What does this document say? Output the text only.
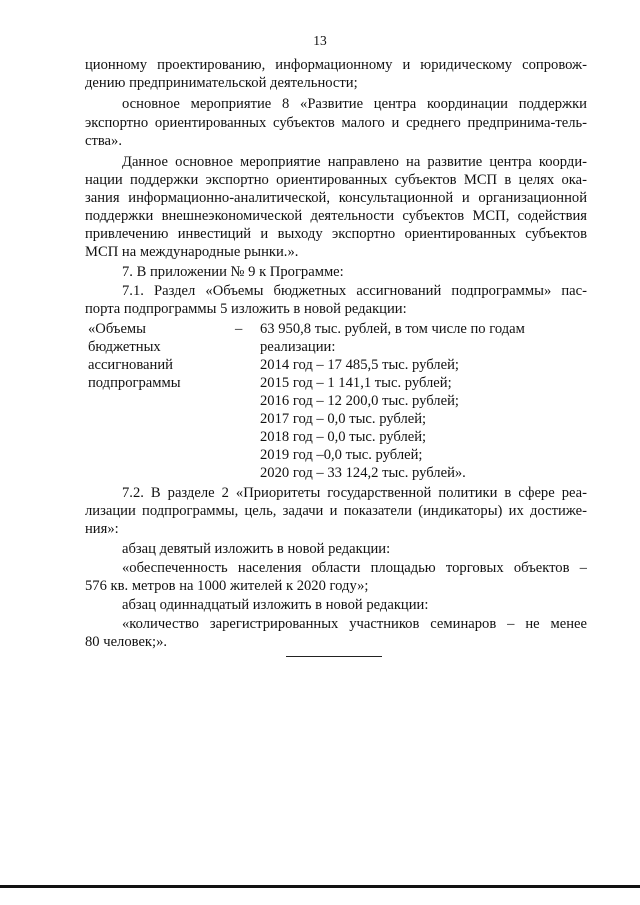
13
ционному проектированию, информационному и юридическому сопровож-
дению предпринимательской деятельности;
основное мероприятие 8 «Развитие центра координации поддержки
экспортно ориентированных субъектов малого и среднего предпринима-тель-
ства».
Данное основное мероприятие направлено на развитие центра коорди-
нации поддержки экспортно ориентированных субъектов МСП в целях ока-
зания информационно-аналитической, консультационной и организационной
поддержки внешнеэкономической деятельности субъектов МСП, содействия
привлечению инвестиций и выходу экспортно ориентированных субъектов
МСП на международные рынки.».
7. В приложении № 9 к Программе:
7.1. Раздел «Объемы бюджетных ассигнований подпрограммы» пас-
порта подпрограммы 5 изложить в новой редакции:
«Объемы
бюджетных
ассигнований
подпрограммы
– 63 950,8 тыс. рублей, в том числе по годам
реализации:
2014 год – 17 485,5 тыс. рублей;
2015 год – 1 141,1 тыс. рублей;
2016 год – 12 200,0 тыс. рублей;
2017 год – 0,0 тыс. рублей;
2018 год – 0,0 тыс. рублей;
2019 год –0,0 тыс. рублей;
2020 год – 33 124,2 тыс. рублей».
7.2. В разделе 2 «Приоритеты государственной политики в сфере реа-
лизации подпрограммы, цель, задачи и показатели (индикаторы) их достиже-
ния»:
абзац девятый изложить в новой редакции:
«обеспеченность населения области площадью торговых объектов –
576 кв. метров на 1000 жителей к 2020 году»;
абзац одиннадцатый изложить в новой редакции:
«количество зарегистрированных участников семинаров – не менее
80 человек;».
